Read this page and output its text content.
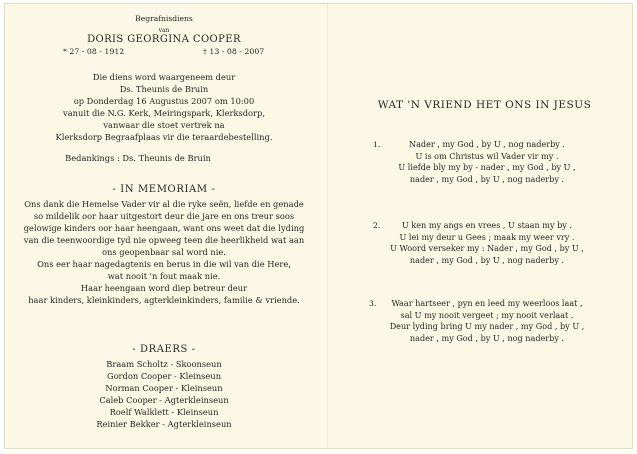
Begrafnisdiens
van
DORIS GEORGINA COOPER
* 27 - 08 - 1912	† 13 - 08 - 2007
Die diens word waargeneem deur
Ds. Theunis de Bruin
op Donderdag 16 Augustus 2007 om 10:00
vanuit die N.G. Kerk, Meiringspark, Klerksdorp,
vanwaar die stoet vertrek na
Klerksdorp Begraafplaas vir die teraardebestelling.
Bedankings : Ds. Theunis de Bruin
- IN MEMORIAM -
Ons dank die Hemelse Vader vir al die ryke seën, liefde en genade
so mildelik oor haar uitgestort deur die jare en ons treur soos
gelowige kinders oor haar heengaan, want ons weet dat die lyding
van die teenwoordige tyd nie opweeg teen die heerlikheid wat aan
ons geopenbaar sal word nie.
Ons eer haar nagedagtenis en berus in die wil van die Here,
wat nooit 'n fout maak nie.
Haar heengaan word diep betreur deur
haar kinders, kleinkinders, agterkleinkinders, familie & vriende.
- DRAERS -
Braam Scholtz - Skoonseun
Gordon Cooper - Kleinseun
Norman Cooper - Kleinseun
Caleb Cooper - Agterkleinseun
Roelf Walklett - Kleinseun
Reinier Bekker - Agterkleinseun
WAT 'N VRIEND HET ONS IN JESUS
1.	Nader , my God , by U , nog naderby .
U is om Christus wil Vader vir my .
U liefde bly my by - nader , my God , by U ,
nader , my God , by U , nog naderby .
2.	U ken my angs en vrees , U staan my by .
U lei my deur u Gees ; maak my weer vry .
U Woord verseker my : Nader , my God , by U ,
nader , my God , by U , nog naderby .
3.	Waar hartseer , pyn en leed my weerloos laat ,
sal U my nooit vergeet ; my nooit verlaat .
Deur lyding bring U my nader , my God , by U ,
nader , my God , by U , nog naderby .
